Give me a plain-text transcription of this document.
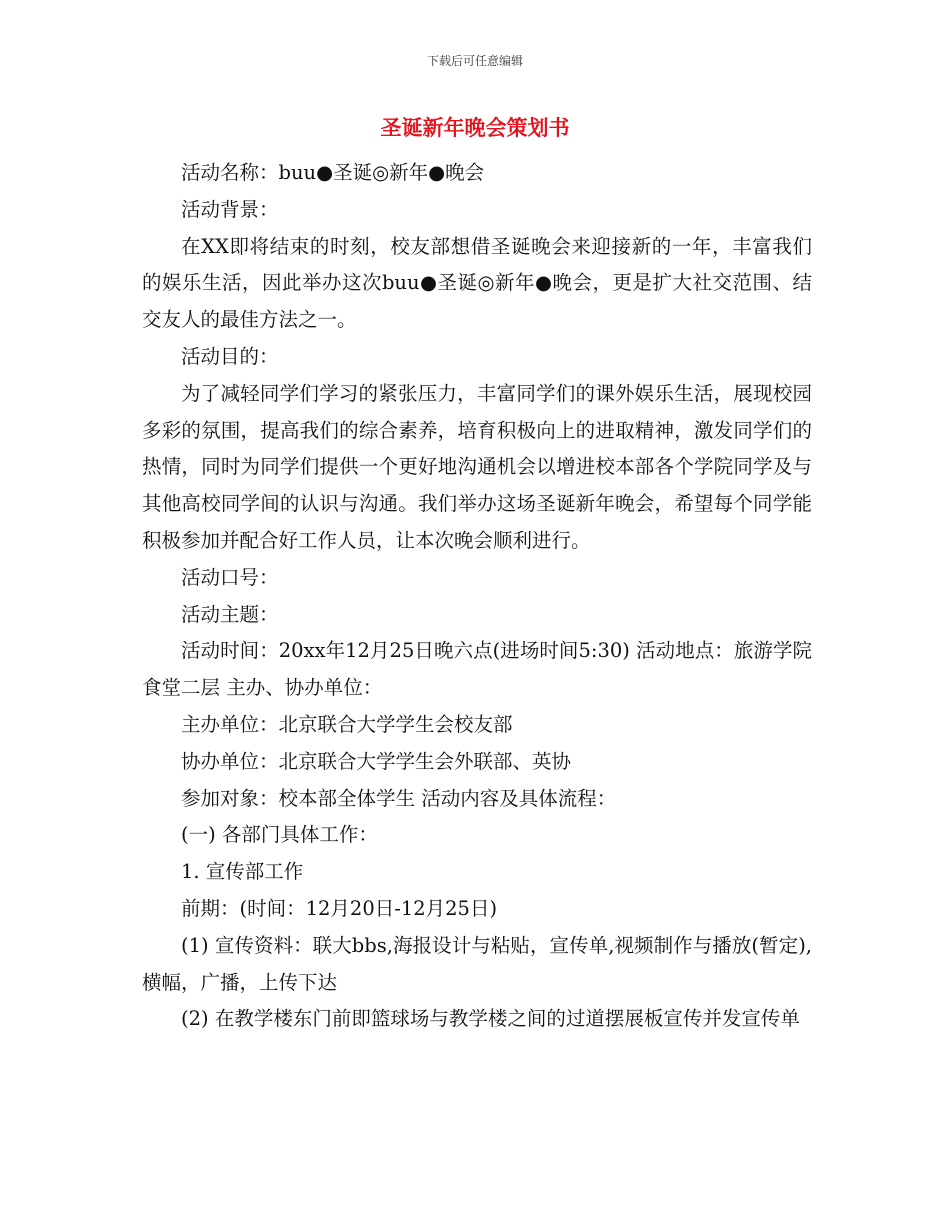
下载后可任意编辑
圣诞新年晚会策划书

活动名称：buu●圣诞◎新年●晚会

活动背景：

在XX即将结束的时刻，校友部想借圣诞晚会来迎接新的一年，丰富我们的娱乐生活，因此举办这次buu●圣诞◎新年●晚会，更是扩大社交范围、结交友人的最佳方法之一。

活动目的：

为了减轻同学们学习的紧张压力，丰富同学们的课外娱乐生活，展现校园多彩的氛围，提高我们的综合素养，培育积极向上的进取精神，激发同学们的热情，同时为同学们提供一个更好地沟通机会以增进校本部各个学院同学及与其他高校同学间的认识与沟通。我们举办这场圣诞新年晚会，希望每个同学能积极参加并配合好工作人员，让本次晚会顺利进行。

活动口号：

活动主题：

活动时间：20xx年12月25日晚六点(进场时间5:30) 活动地点：旅游学院食堂二层 主办、协办单位：

主办单位：北京联合大学学生会校友部

协办单位：北京联合大学学生会外联部、英协

参加对象：校本部全体学生 活动内容及具体流程：

(一) 各部门具体工作：

1. 宣传部工作

前期：(时间：12月20日-12月25日)

(1) 宣传资料：联大bbs,海报设计与粘贴，宣传单,视频制作与播放(暂定),横幅，广播，上传下达

(2) 在教学楼东门前即篮球场与教学楼之间的过道摆展板宣传并发宣传单
